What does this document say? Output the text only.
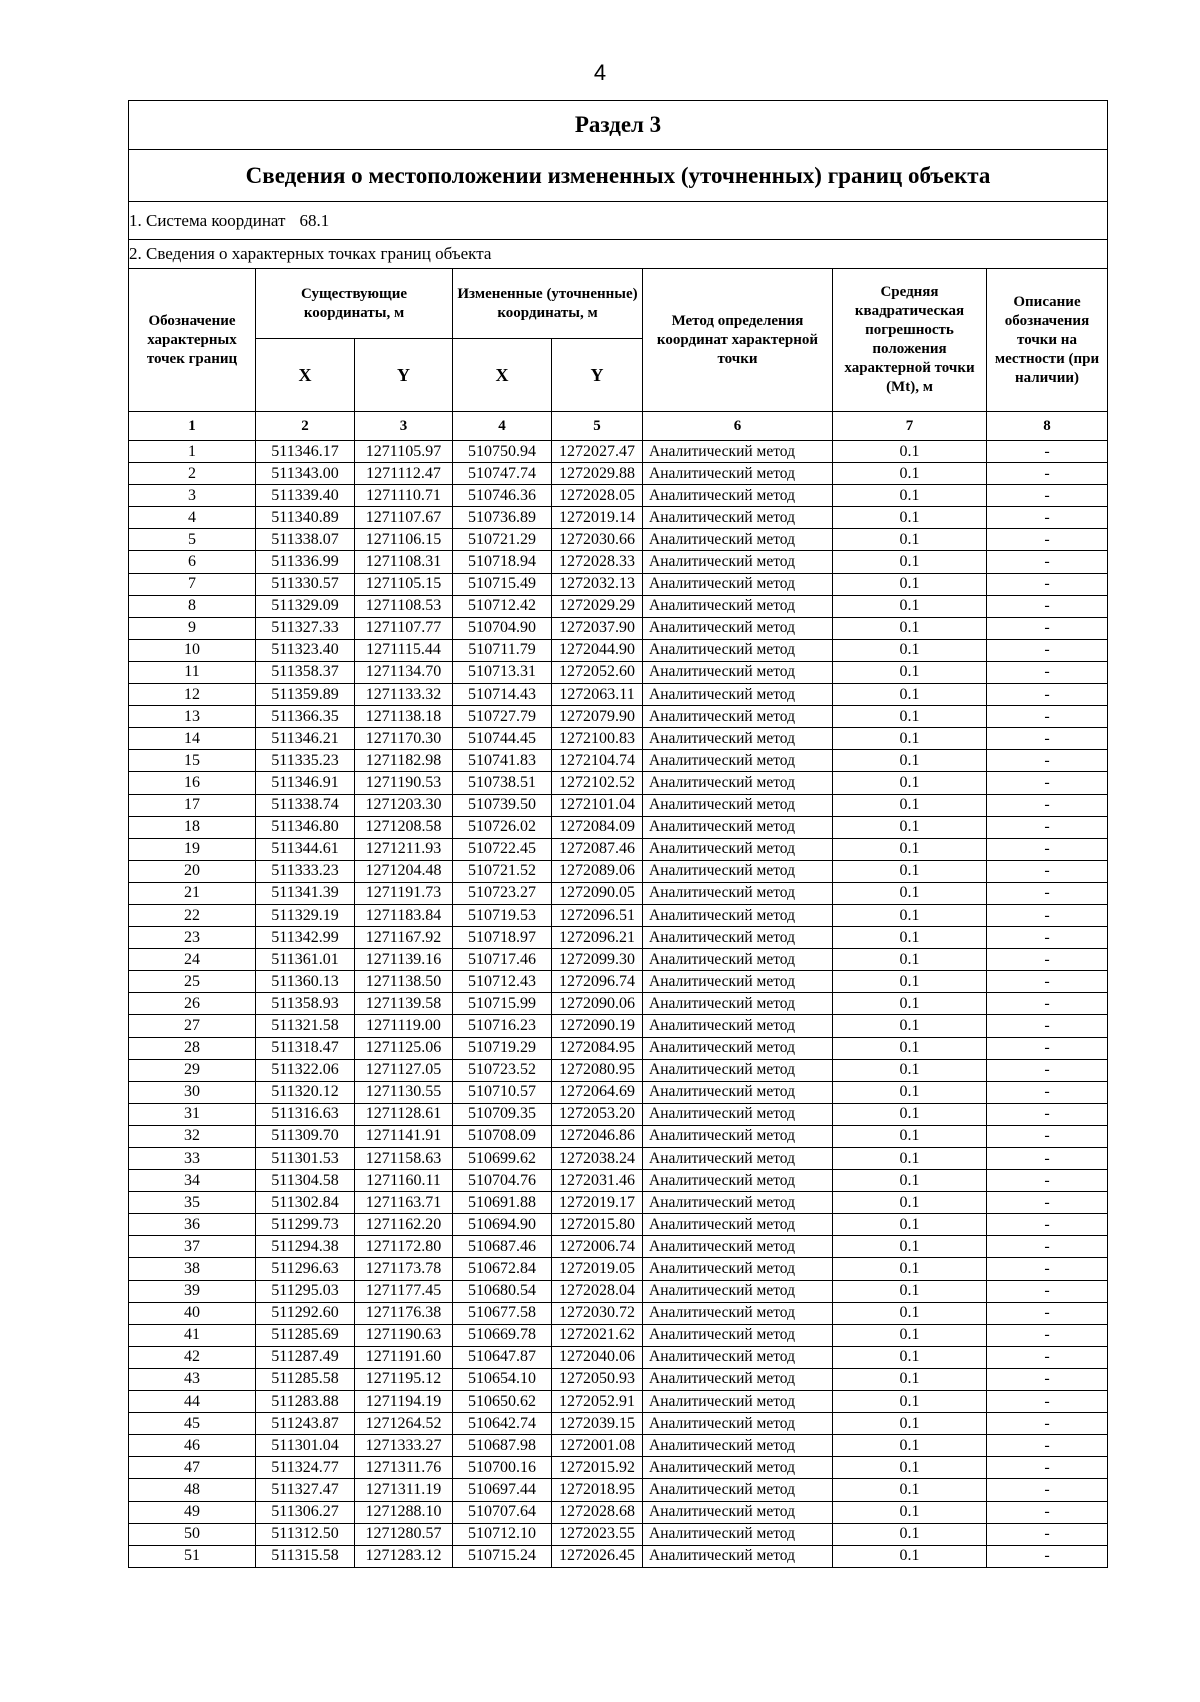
4
Раздел 3							
Сведения о местоположении измененных (уточненных) границ объекта							
1. Система координат 68.1							
2. Сведения о характерных точках границ объекта							
Обозначение характерных точек границ	Существующие координаты, м		Измененные (уточненные) координаты, м		Метод определения координат характерной точки	Средняя квадратическая погрешность положения характерной точки (Mt), м	Описание обозначения точки на местности (при наличии)
	X	Y	X	Y			
1	2	3	4	5	6	7	8
1	511346.17	1271105.97	510750.94	1272027.47	Аналитический метод	0.1	-
2	511343.00	1271112.47	510747.74	1272029.88	Аналитический метод	0.1	-
3	511339.40	1271110.71	510746.36	1272028.05	Аналитический метод	0.1	-
4	511340.89	1271107.67	510736.89	1272019.14	Аналитический метод	0.1	-
5	511338.07	1271106.15	510721.29	1272030.66	Аналитический метод	0.1	-
6	511336.99	1271108.31	510718.94	1272028.33	Аналитический метод	0.1	-
7	511330.57	1271105.15	510715.49	1272032.13	Аналитический метод	0.1	-
8	511329.09	1271108.53	510712.42	1272029.29	Аналитический метод	0.1	-
9	511327.33	1271107.77	510704.90	1272037.90	Аналитический метод	0.1	-
10	511323.40	1271115.44	510711.79	1272044.90	Аналитический метод	0.1	-
11	511358.37	1271134.70	510713.31	1272052.60	Аналитический метод	0.1	-
12	511359.89	1271133.32	510714.43	1272063.11	Аналитический метод	0.1	-
13	511366.35	1271138.18	510727.79	1272079.90	Аналитический метод	0.1	-
14	511346.21	1271170.30	510744.45	1272100.83	Аналитический метод	0.1	-
15	511335.23	1271182.98	510741.83	1272104.74	Аналитический метод	0.1	-
16	511346.91	1271190.53	510738.51	1272102.52	Аналитический метод	0.1	-
17	511338.74	1271203.30	510739.50	1272101.04	Аналитический метод	0.1	-
18	511346.80	1271208.58	510726.02	1272084.09	Аналитический метод	0.1	-
19	511344.61	1271211.93	510722.45	1272087.46	Аналитический метод	0.1	-
20	511333.23	1271204.48	510721.52	1272089.06	Аналитический метод	0.1	-
21	511341.39	1271191.73	510723.27	1272090.05	Аналитический метод	0.1	-
22	511329.19	1271183.84	510719.53	1272096.51	Аналитический метод	0.1	-
23	511342.99	1271167.92	510718.97	1272096.21	Аналитический метод	0.1	-
24	511361.01	1271139.16	510717.46	1272099.30	Аналитический метод	0.1	-
25	511360.13	1271138.50	510712.43	1272096.74	Аналитический метод	0.1	-
26	511358.93	1271139.58	510715.99	1272090.06	Аналитический метод	0.1	-
27	511321.58	1271119.00	510716.23	1272090.19	Аналитический метод	0.1	-
28	511318.47	1271125.06	510719.29	1272084.95	Аналитический метод	0.1	-
29	511322.06	1271127.05	510723.52	1272080.95	Аналитический метод	0.1	-
30	511320.12	1271130.55	510710.57	1272064.69	Аналитический метод	0.1	-
31	511316.63	1271128.61	510709.35	1272053.20	Аналитический метод	0.1	-
32	511309.70	1271141.91	510708.09	1272046.86	Аналитический метод	0.1	-
33	511301.53	1271158.63	510699.62	1272038.24	Аналитический метод	0.1	-
34	511304.58	1271160.11	510704.76	1272031.46	Аналитический метод	0.1	-
35	511302.84	1271163.71	510691.88	1272019.17	Аналитический метод	0.1	-
36	511299.73	1271162.20	510694.90	1272015.80	Аналитический метод	0.1	-
37	511294.38	1271172.80	510687.46	1272006.74	Аналитический метод	0.1	-
38	511296.63	1271173.78	510672.84	1272019.05	Аналитический метод	0.1	-
39	511295.03	1271177.45	510680.54	1272028.04	Аналитический метод	0.1	-
40	511292.60	1271176.38	510677.58	1272030.72	Аналитический метод	0.1	-
41	511285.69	1271190.63	510669.78	1272021.62	Аналитический метод	0.1	-
42	511287.49	1271191.60	510647.87	1272040.06	Аналитический метод	0.1	-
43	511285.58	1271195.12	510654.10	1272050.93	Аналитический метод	0.1	-
44	511283.88	1271194.19	510650.62	1272052.91	Аналитический метод	0.1	-
45	511243.87	1271264.52	510642.74	1272039.15	Аналитический метод	0.1	-
46	511301.04	1271333.27	510687.98	1272001.08	Аналитический метод	0.1	-
47	511324.77	1271311.76	510700.16	1272015.92	Аналитический метод	0.1	-
48	511327.47	1271311.19	510697.44	1272018.95	Аналитический метод	0.1	-
49	511306.27	1271288.10	510707.64	1272028.68	Аналитический метод	0.1	-
50	511312.50	1271280.57	510712.10	1272023.55	Аналитический метод	0.1	-
51	511315.58	1271283.12	510715.24	1272026.45	Аналитический метод	0.1	-
